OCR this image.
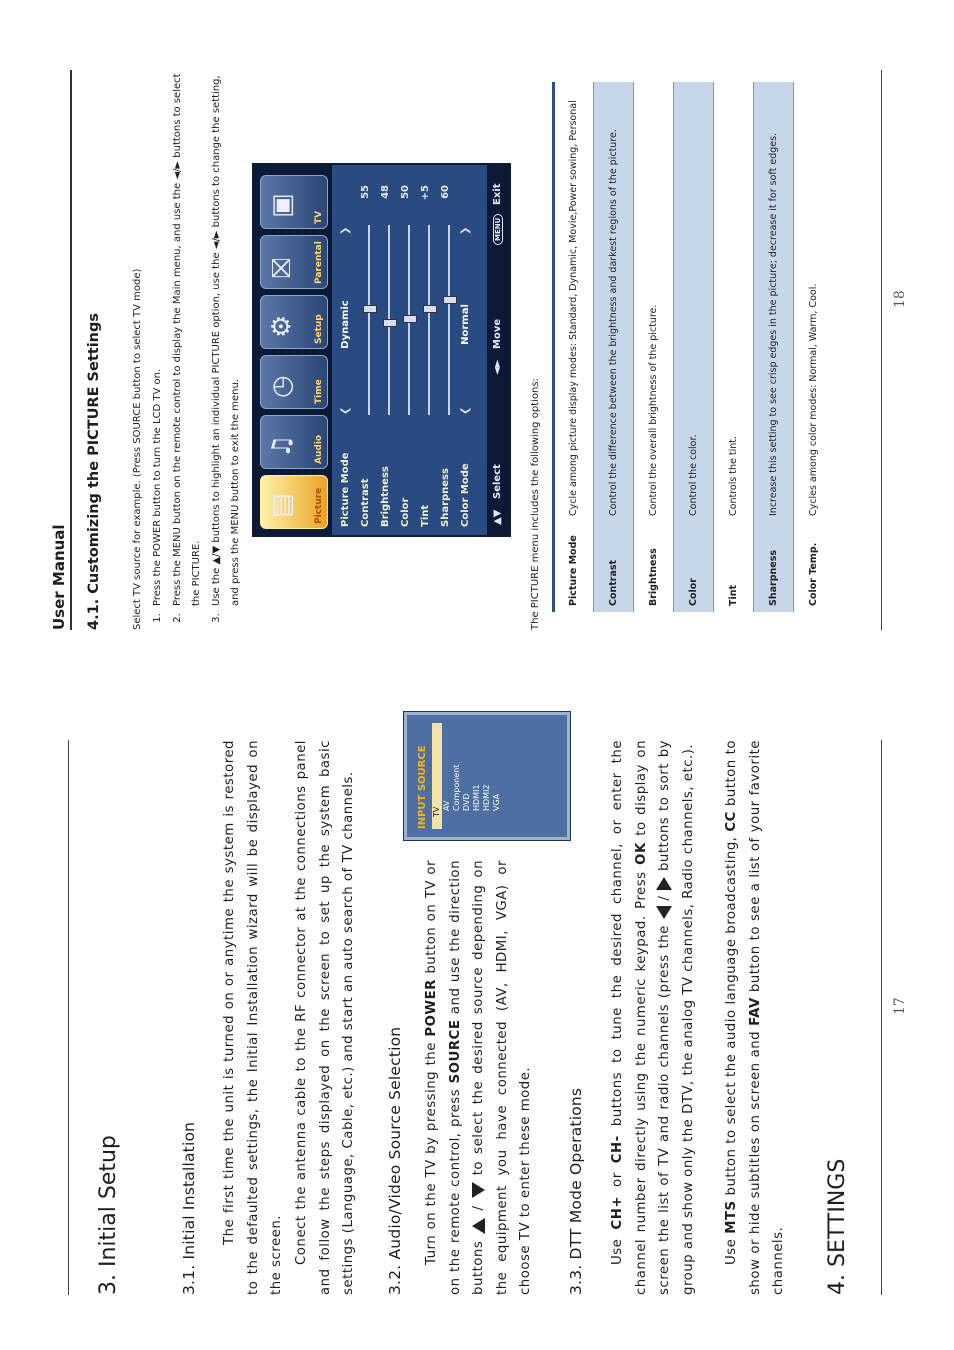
3. Initial Setup	3.1. Initial Installation	The first time the unit is turned on or anytime the system is restored to the defaulted settings, the Initial Installation wizard will be displayed on the screen. Conect the antenna cable to the RF connector at the connections panel and follow the steps displayed on the screen to set up the system basic settings (Language, Cable, etc.) and start an auto search of TV channels. 3.2. Audio/Video Source Selection	Turn on the TV by pressing the POWER button on TV or on the remote control, press SOURCE and use the direction buttons  /  to select the desired source depending on the equipment you have connected (AV, HDMI, VGA) or choose TV to enter these mode.

INPUT SOURCE TV
AV Component DVD HDMI1 HDMI2 VGA
3.3. DTT Mode Operations	Use CH+ or CH- buttons to tune the desired channel, or enter the channel number directly using the numeric keypad. Press OK to display on screen the list of TV and radio channels (press the  /  buttons to sort by group and show only the DTV, the analog TV channels, Radio channels, etc.).	Use MTS button to select the audio language broadcasting, CC button to show or hide subtitles on screen and FAV button to see a list of your favorite channels. 4. SETTINGS
17
User Manual 4.1. Customizing the PICTURE Settings	Select TV source for example. (Press SOURCE button to select TV mode) 1. Press the POWER button to turn the LCD TV on. 2. Press the MENU button on the remote control to display the Main menu, and use the ◄/► buttons to select the PICTURE. 3. Use the ▲/▼ buttons to highlight an individual PICTURE option, use the ◄/► buttons to change the setting, and press the MENU button to exit the menu. ▤ Picture
♫ Audio
◷ Time
⚙ Setup
⛝ Parental
▣ TV
Picture Mode
❮
Dynamic
❯
Contrast
55
Brightness
48
Color
50
Tint
+5
Sharpness
60
Color Mode
❮
Normal
❯
▲▼
Select
◄►
Move
MENU
Exit
The PICTURE menu includes the following options:	Picture Mode	Cycle among picture display modes: Standard, Dynamic, Movie,Power sowing, Personal
Contrast	Control the difference between the brightness and darkest regions of the picture.
Brightness	Control the overall brightness of the picture.
Color	Control the color.
Tint	Controls the tint.
Sharpness	Increase this setting to see crisp edges in the picture; decrease it for soft edges.
Color Temp.	Cycles among color modes: Normal, Warm, Cool.	18
